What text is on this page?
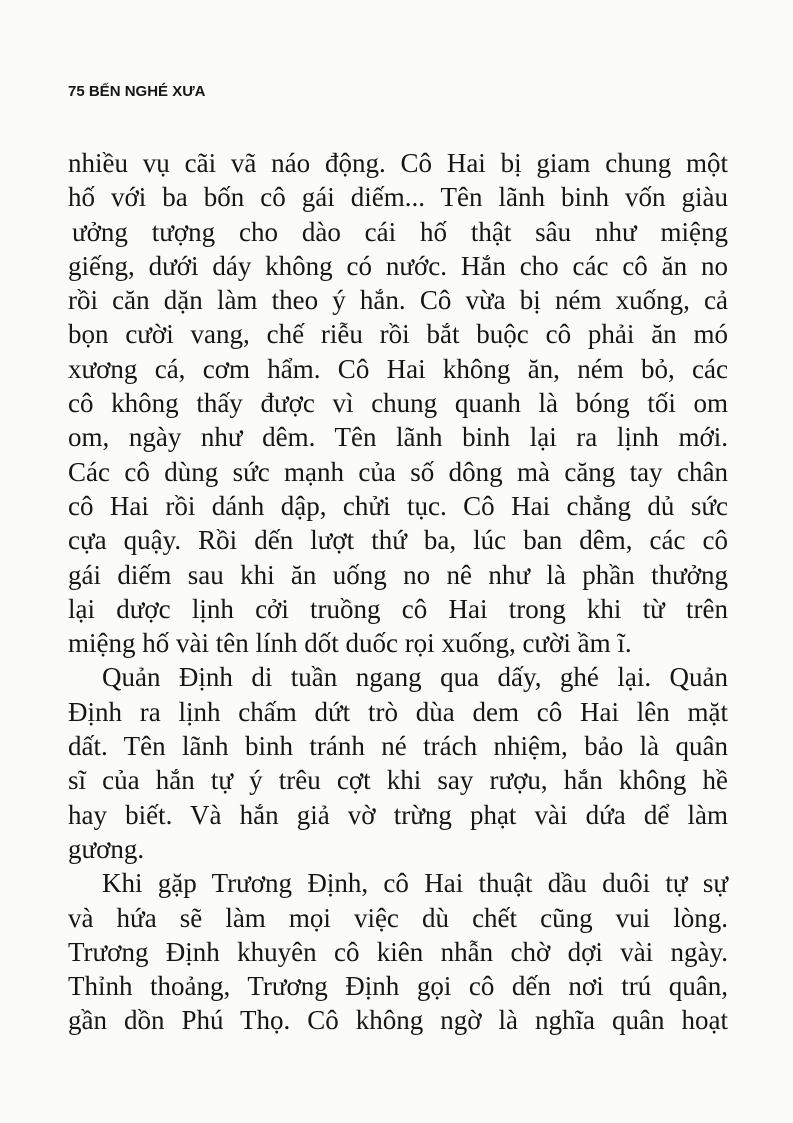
75 BẾN NGHÉ XƯA
nhiều vụ cãi vã náo động. Cô Hai bị giam chung một
hố với ba bốn cô gái diếm... Tên lãnh binh vốn giàu
ưởng tượng cho dào cái hố thật sâu như miệng
giếng, dưới dáy không có nước. Hắn cho các cô ăn no
rồi căn dặn làm theo ý hắn. Cô vừa bị ném xuống, cả
bọn cười vang, chế riễu rồi bắt buộc cô phải ăn mó
xương cá, cơm hẩm. Cô Hai không ăn, ném bỏ, các
cô không thấy được vì chung quanh là bóng tối om
om, ngày như dêm. Tên lãnh binh lại ra lịnh mới.
Các cô dùng sức mạnh của số dông mà căng tay chân
cô Hai rồi dánh dập, chửi tục. Cô Hai chẳng dủ sức
cựa quậy. Rồi dến lượt thứ ba, lúc ban dêm, các cô
gái diếm sau khi ăn uống no nê như là phần thưởng
lại dược lịnh cởi truồng cô Hai trong khi từ trên
miệng hố vài tên lính dốt duốc rọi xuống, cười ầm ĩ.
Quản Định di tuần ngang qua dấy, ghé lại. Quản
Định ra lịnh chấm dứt trò dùa dem cô Hai lên mặt
dất. Tên lãnh binh tránh né trách nhiệm, bảo là quân
sĩ của hắn tự ý trêu cợt khi say rượu, hắn không hề
hay biết. Và hắn giả vờ trừng phạt vài dứa dể làm
gương.
Khi gặp Trương Định, cô Hai thuật dầu duôi tự sự
và hứa sẽ làm mọi việc dù chết cũng vui lòng.
Trương Định khuyên cô kiên nhẫn chờ dợi vài ngày.
Thỉnh thoảng, Trương Định gọi cô dến nơi trú quân,
gần dồn Phú Thọ. Cô không ngờ là nghĩa quân hoạt
